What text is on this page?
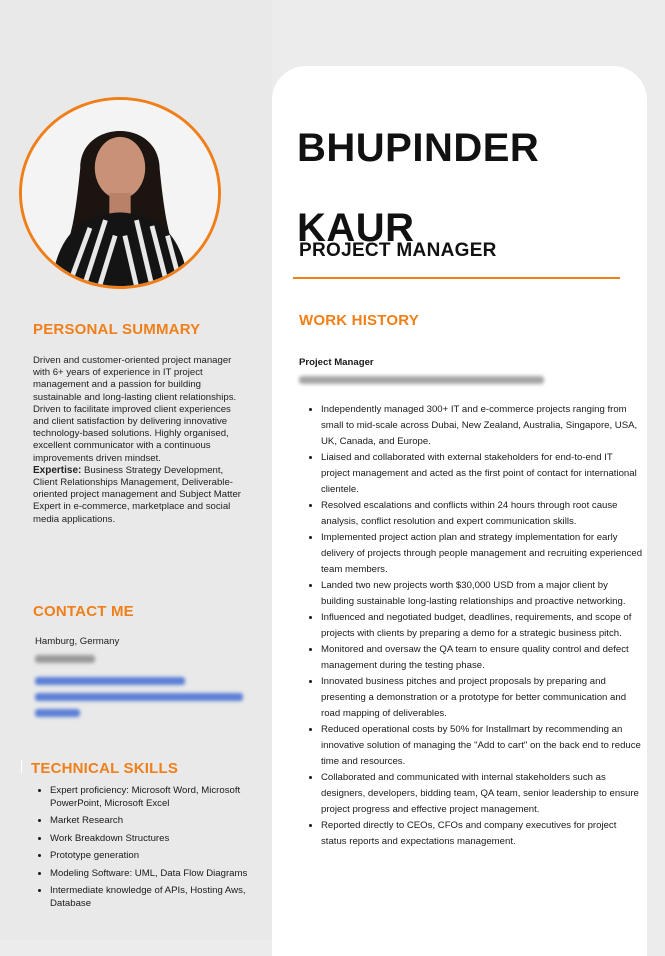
PERSONAL SUMMARY

Driven and customer-oriented project manager with 6+ years of experience in IT project management and a passion for building sustainable and long-lasting client relationships. Driven to facilitate improved client experiences and client satisfaction by delivering innovative technology-based solutions. Highly organised, excellent communicator with a continuous improvements driven mindset.

Expertise: Business Strategy Development, Client Relationships Management, Deliverable-oriented project management and Subject Matter Expert in e-commerce, marketplace and social media applications.

CONTACT ME
Hamburg, Germany
TECHNICAL SKILLS
• Expert proficiency: Microsoft Word, Microsoft PowerPoint, Microsoft Excel
• Market Research
• Work Breakdown Structures
• Prototype generation
• Modeling Software: UML, Data Flow Diagrams
• Intermediate knowledge of APIs, Hosting Aws, Database
BHUPINDER
KAUR
PROJECT MANAGER
WORK HISTORY

Project Manager

• Independently managed 300+ IT and e-commerce projects ranging from small to mid-scale across Dubai, New Zealand, Australia, Singapore, USA, UK, Canada, and Europe.
• Liaised and collaborated with external stakeholders for end-to-end IT project management and acted as the first point of contact for international clientele.
• Resolved escalations and conflicts within 24 hours through root cause analysis, conflict resolution and expert communication skills.
• Implemented project action plan and strategy implementation for early delivery of projects through people management and recruiting experienced team members.
• Landed two new projects worth $30,000 USD from a major client by building sustainable long-lasting relationships and proactive networking.
• Influenced and negotiated budget, deadlines, requirements, and scope of projects with clients by preparing a demo for a strategic business pitch.
• Monitored and oversaw the QA team to ensure quality control and defect management during the testing phase.
• Innovated business pitches and project proposals by preparing and presenting a demonstration or a prototype for better communication and road mapping of deliverables.
• Reduced operational costs by 50% for Installmart by recommending an innovative solution of managing the "Add to cart" on the back end to reduce time and resources.
• Collaborated and communicated with internal stakeholders such as designers, developers, bidding team, QA team, senior leadership to ensure project progress and effective project management.
• Reported directly to CEOs, CFOs and company executives for project status reports and expectations management.
